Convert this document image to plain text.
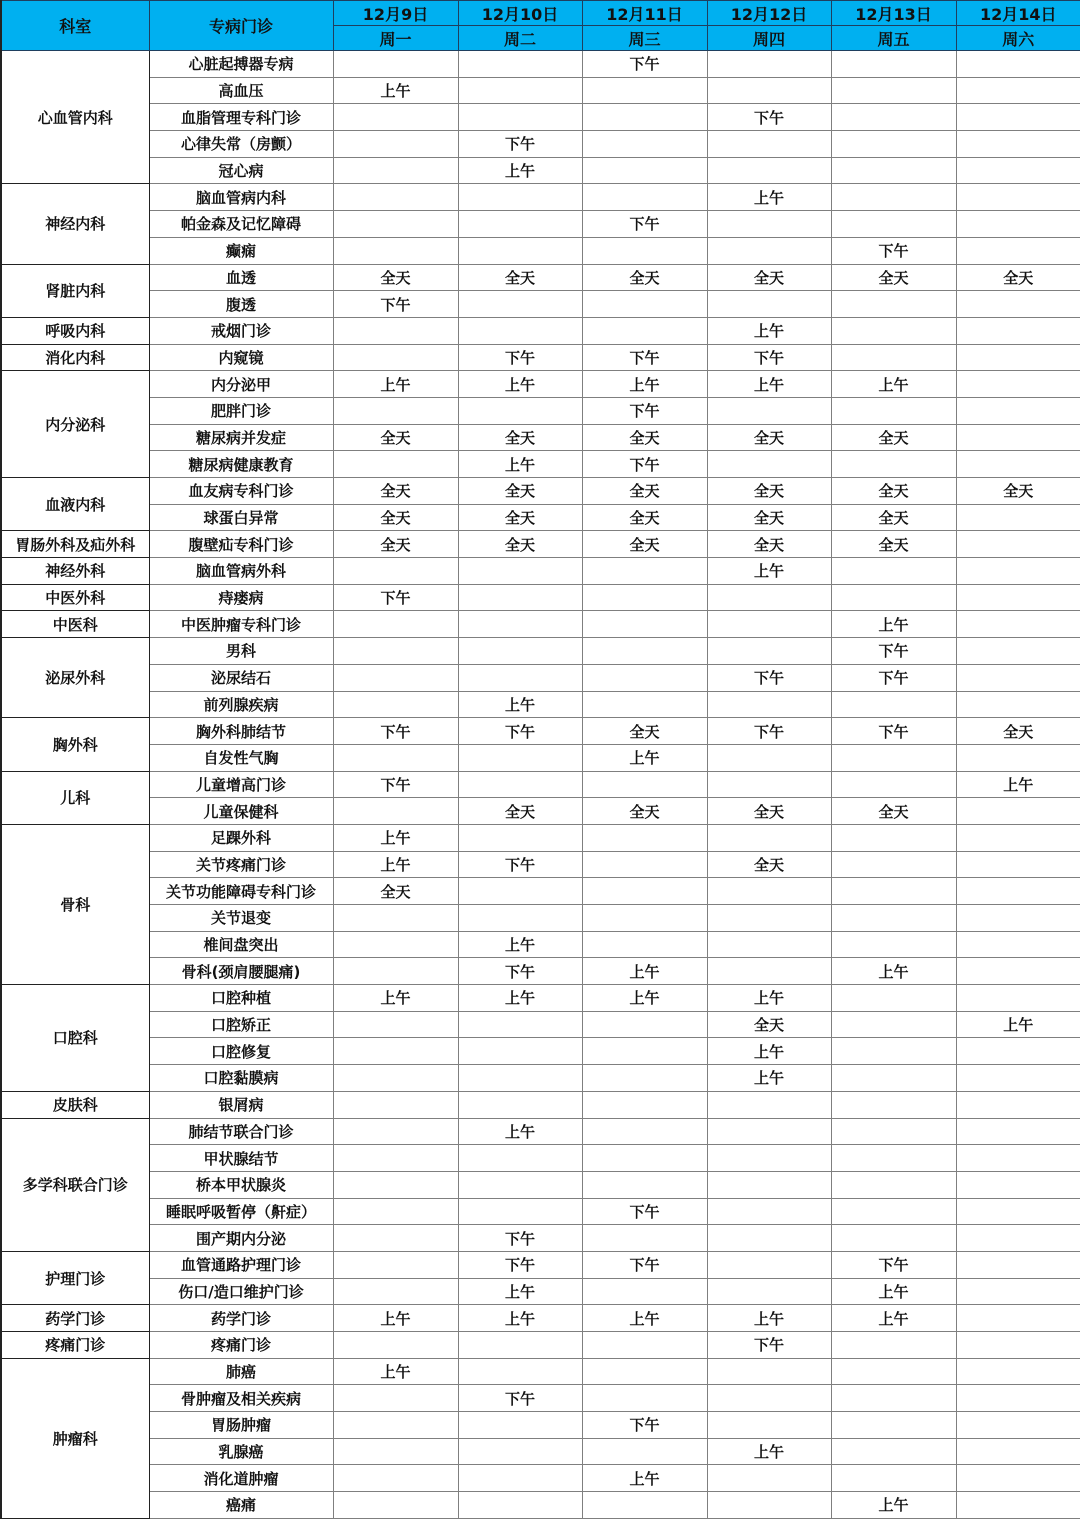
科室	专病门诊	12月9日	12月10日	12月11日	12月12日	12月13日	12月14日
		周一	周二	周三	周四	周五	周六
心血管内科	心脏起搏器专病			下午			
	高血压	上午					
	血脂管理专科门诊				下午		
	心律失常（房颤）		下午				
	冠心病		上午				
神经内科	脑血管病内科				上午		
	帕金森及记忆障碍			下午			
	癫痫					下午	
肾脏内科	血透	全天	全天	全天	全天	全天	全天
	腹透	下午					
呼吸内科	戒烟门诊				上午		
消化内科	内窥镜		下午	下午	下午		
内分泌科	内分泌甲	上午	上午	上午	上午	上午	
	肥胖门诊			下午			
	糖尿病并发症	全天	全天	全天	全天	全天	
	糖尿病健康教育		上午	下午			
血液内科	血友病专科门诊	全天	全天	全天	全天	全天	全天
	球蛋白异常	全天	全天	全天	全天	全天	
胃肠外科及疝外科	腹壁疝专科门诊	全天	全天	全天	全天	全天	
神经外科	脑血管病外科				上午		
中医外科	痔瘘病	下午					
中医科	中医肿瘤专科门诊					上午	
泌尿外科	男科					下午	
	泌尿结石				下午	下午	
	前列腺疾病		上午				
胸外科	胸外科肺结节	下午	下午	全天	下午	下午	全天
	自发性气胸			上午			
儿科	儿童增高门诊	下午					上午
	儿童保健科		全天	全天	全天	全天	
骨科	足踝外科	上午					
	关节疼痛门诊	上午	下午		全天		
	关节功能障碍专科门诊	全天					
	关节退变						
	椎间盘突出		上午				
	骨科(颈肩腰腿痛)		下午	上午		上午	
口腔科	口腔种植	上午	上午	上午	上午		
	口腔矫正				全天		上午
	口腔修复				上午		
	口腔黏膜病				上午		
皮肤科	银屑病						
多学科联合门诊	肺结节联合门诊		上午				
	甲状腺结节						
	桥本甲状腺炎						
	睡眠呼吸暂停（鼾症）			下午			
	围产期内分泌		下午				
护理门诊	血管通路护理门诊		下午	下午		下午	
	伤口/造口维护门诊		上午			上午	
药学门诊	药学门诊	上午	上午	上午	上午	上午	
疼痛门诊	疼痛门诊				下午		
肿瘤科	肺癌	上午					
	骨肿瘤及相关疾病		下午				
	胃肠肿瘤			下午			
	乳腺癌				上午		
	消化道肿瘤			上午			
	癌痛					上午	
